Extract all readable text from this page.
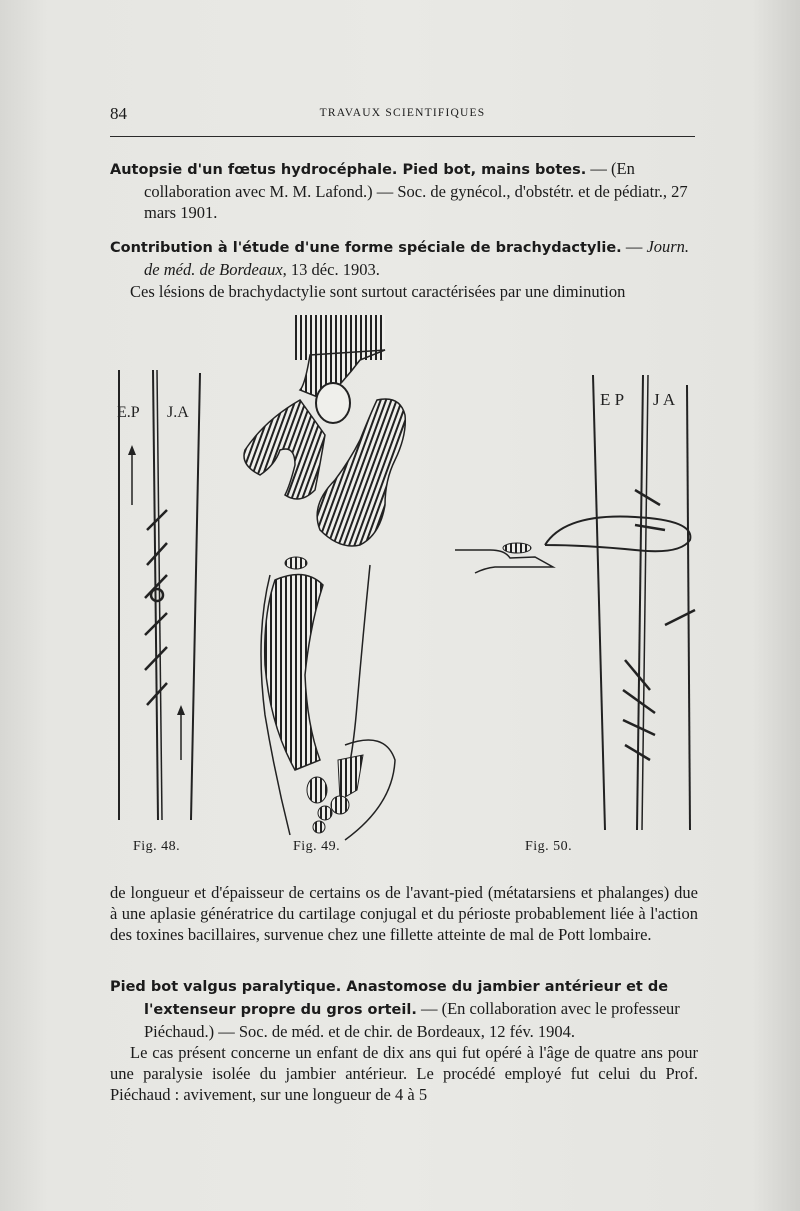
84	TRAVAUX SCIENTIFIQUES
Autopsie d'un fœtus hydrocéphale. Pied bot, mains botes. — (En collaboration avec M. M. Lafond.) — Soc. de gynécol., d'obstétr. et de pédiatr., 27 mars 1901.
Contribution à l'étude d'une forme spéciale de brachydactylie. — Journ. de méd. de Bordeaux, 13 déc. 1903.
Ces lésions de brachydactylie sont surtout caractérisées par une diminution
E.P J.A
E P J A
Fig. 48.	Fig. 49.	Fig. 50.
de longueur et d'épaisseur de certains os de l'avant-pied (métatarsiens et phalanges) due à une aplasie génératrice du cartilage conjugal et du périoste probablement liée à l'action des toxines bacillaires, survenue chez une fillette atteinte de mal de Pott lombaire.
Pied bot valgus paralytique. Anastomose du jambier antérieur et de l'extenseur propre du gros orteil. — (En collaboration avec le professeur Piéchaud.) — Soc. de méd. et de chir. de Bordeaux, 12 fév. 1904.
Le cas présent concerne un enfant de dix ans qui fut opéré à l'âge de quatre ans pour une paralysie isolée du jambier antérieur. Le procédé employé fut celui du Prof. Piéchaud : avivement, sur une longueur de 4 à 5
